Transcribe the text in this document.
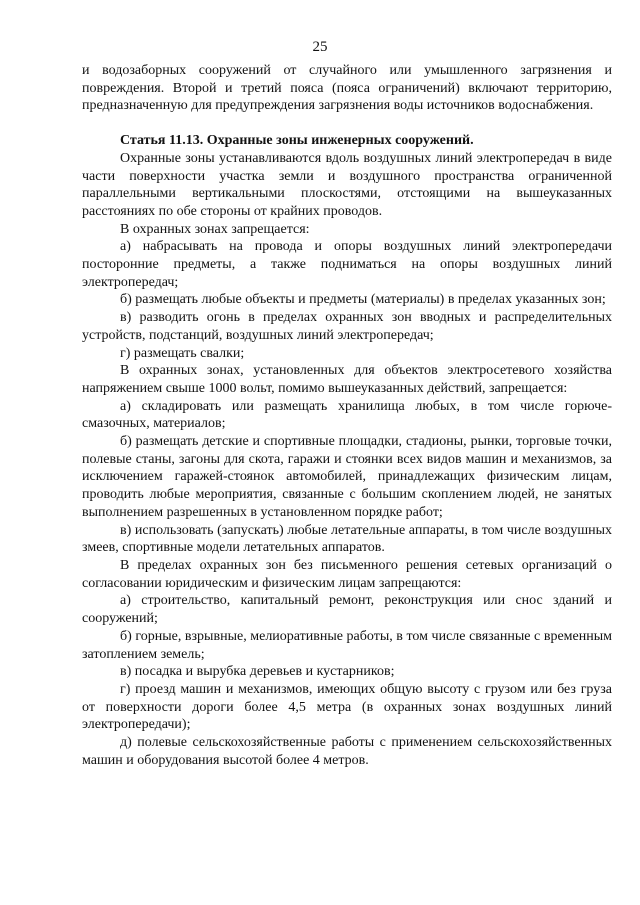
25

и водозаборных сооружений от случайного или умышленного загрязнения и повреждения. Второй и третий пояса (пояса ограничений) включают территорию, предназначенную для предупреждения загрязнения воды источников водоснабжения.

Статья 11.13. Охранные зоны инженерных сооружений.

Охранные зоны устанавливаются вдоль воздушных линий электропередач в виде части поверхности участка земли и воздушного пространства ограниченной параллельными вертикальными плоскостями, отстоящими на вышеуказанных расстояниях по обе стороны от крайних проводов.

В охранных зонах запрещается:

а) набрасывать на провода и опоры воздушных линий электропередачи посторонние предметы, а также подниматься на опоры воздушных линий электропередач;

б) размещать любые объекты и предметы (материалы) в пределах указанных зон;

в) разводить огонь в пределах охранных зон вводных и распределительных устройств, подстанций, воздушных линий электропередач;

г) размещать свалки;

В охранных зонах, установленных для объектов электросетевого хозяйства напряжением свыше 1000 вольт, помимо вышеуказанных действий, запрещается:

а) складировать или размещать хранилища любых, в том числе горюче-смазочных, материалов;

б) размещать детские и спортивные площадки, стадионы, рынки, торговые точки, полевые станы, загоны для скота, гаражи и стоянки всех видов машин и механизмов, за исключением гаражей-стоянок автомобилей, принадлежащих физическим лицам, проводить любые мероприятия, связанные с большим скоплением людей, не занятых выполнением разрешенных в установленном порядке работ;

в) использовать (запускать) любые летательные аппараты, в том числе воздушных змеев, спортивные модели летательных аппаратов.

В пределах охранных зон без письменного решения сетевых организаций о согласовании юридическим и физическим лицам запрещаются:

а) строительство, капитальный ремонт, реконструкция или снос зданий и сооружений;

б) горные, взрывные, мелиоративные работы, в том числе связанные с временным затоплением земель;

в) посадка и вырубка деревьев и кустарников;

г) проезд машин и механизмов, имеющих общую высоту с грузом или без груза от поверхности дороги более 4,5 метра (в охранных зонах воздушных линий электропередачи);

д) полевые сельскохозяйственные работы с применением сельскохозяйственных машин и оборудования высотой более 4 метров.
